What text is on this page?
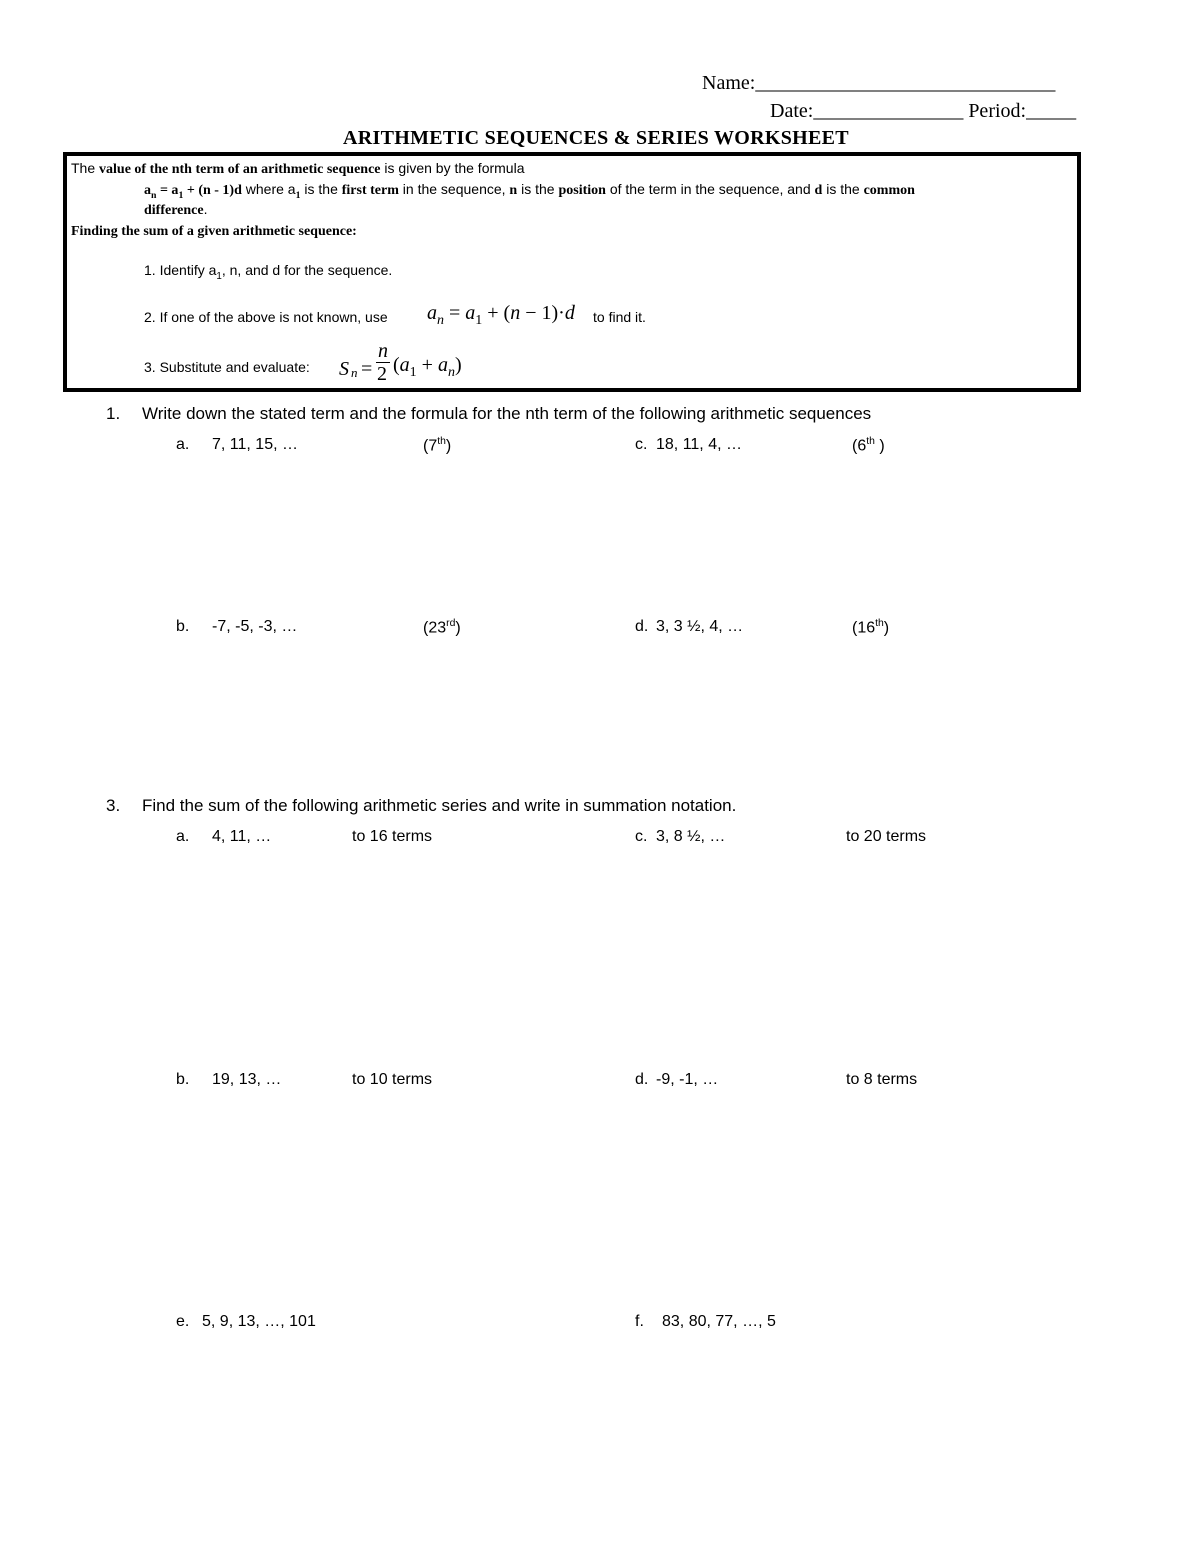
Name:______________________________
Date:_______________ Period:_____
ARITHMETIC SEQUENCES & SERIES WORKSHEET
The value of the nth term of an arithmetic sequence is given by the formula
$a_n = a_1 + (n - 1)d$ where $a_1$ is the first term in the sequence, n is the position of the term in the sequence, and d is the common
difference.
Finding the sum of a given arithmetic sequence:
1. Identify $a_1$, n, and d for the sequence.
2. If one of the above is not known, use $a_n = a_1 + (n - 1)\cdot d$ to find it.
3. Substitute and evaluate: S n =
n
2 $(a_1 + a_n)$
1. Write down the stated term and the formula for the nth term of the following arithmetic sequences
a. 7, 11, 15, …	(7th)	c. 18, 11, 4, …	(6th )
b. -7, -5, -3, …	(23rd)	d. 3, 3 ½, 4, …	(16th)
3. Find the sum of the following arithmetic series and write in summation notation.
a. 4, 11, …	to 16 terms	c. 3, 8 ½, …	to 20 terms
b. 19, 13, …	to 10 terms	d. -9, -1, …	to 8 terms
e. 5, 9, 13, …, 101	f. 83, 80, 77, …, 5
